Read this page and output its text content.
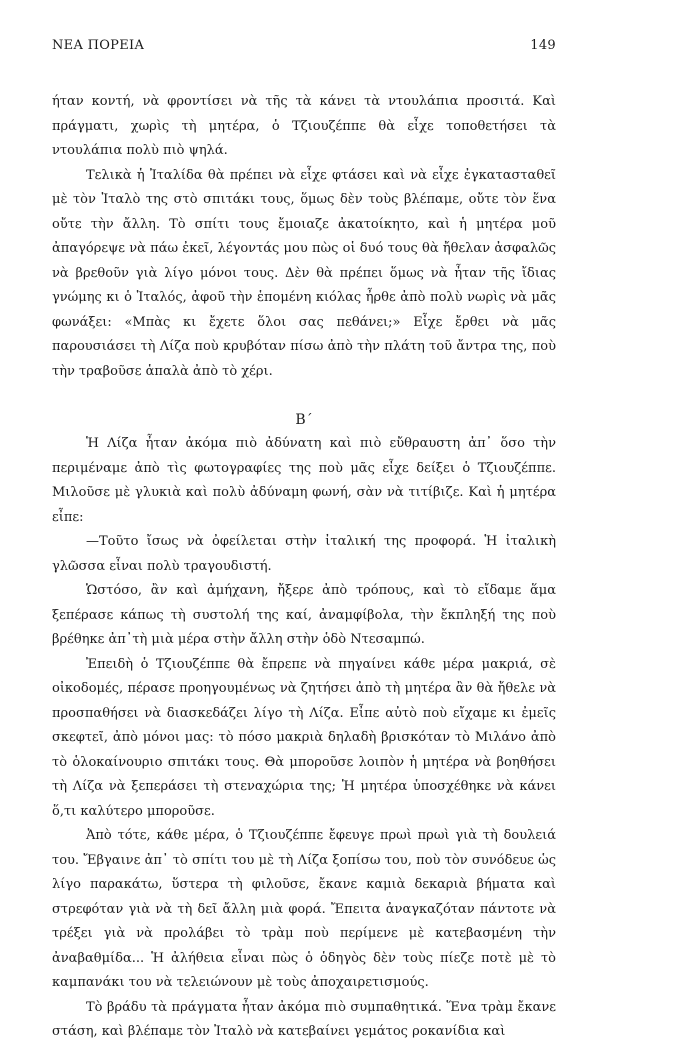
ΝΕΑ ΠΟΡΕΙΑ	149

ήταν κοντή, νὰ φροντίσει νὰ τῆς τὰ κάνει τὰ ντουλάπια προσιτά. Καὶ πράγματι, χωρὶς τὴ μητέρα, ὁ Τζιουζέππε θὰ εἶχε τοποθετήσει τὰ ντουλάπια πολὺ πιὸ ψηλά.

Τελικὰ ἡ Ἰταλίδα θὰ πρέπει νὰ εἶχε φτάσει καὶ νὰ εἶχε ἐγκατασταθεῖ μὲ τὸν Ἰταλὸ της στὸ σπιτάκι τους, ὅμως δὲν τοὺς βλέπαμε, οὔτε τὸν ἕνα οὔτε τὴν ἄλλη. Τὸ σπίτι τους ἔμοιαζε ἀκατοίκητο, καὶ ἡ μητέρα μοῦ ἀπαγόρεψε νὰ πάω ἐκεῖ, λέγοντάς μου πὼς οἱ δυό τους θὰ ἤθελαν ἀσφαλῶς νὰ βρεθοῦν γιὰ λίγο μόνοι τους. Δὲν θὰ πρέπει ὅμως νὰ ἦταν τῆς ἴδιας γνώμης κι ὁ Ἰταλός, ἀφοῦ τὴν ἑπομένη κιόλας ἦρθε ἀπὸ πολὺ νωρὶς νὰ μᾶς φωνάξει: «Μπὰς κι ἔχετε ὅλοι σας πεθάνει;» Εἶχε ἔρθει νὰ μᾶς παρουσιάσει τὴ Λίζα ποὺ κρυβόταν πίσω ἀπὸ τὴν πλάτη τοῦ ἄντρα της, ποὺ τὴν τραβοῦσε ἁπαλὰ ἀπὸ τὸ χέρι.

Β΄

Ἡ Λίζα ἦταν ἀκόμα πιὸ ἀδύνατη καὶ πιὸ εὔθραυστη ἀπ᾿ ὅσο τὴν περιμέναμε ἀπὸ τὶς φωτογραφίες της ποὺ μᾶς εἶχε δείξει ὁ Τζιουζέππε. Μιλοῦσε μὲ γλυκιὰ καὶ πολὺ ἀδύναμη φωνή, σὰν νὰ τιτίβιζε. Καὶ ἡ μητέρα εἶπε:

—Τοῦτο ἴσως νὰ ὀφείλεται στὴν ἰταλική της προφορά. Ἡ ἰταλικὴ γλῶσσα εἶναι πολὺ τραγουδιστή.

Ὡστόσο, ἂν καὶ ἀμήχανη, ἤξερε ἀπὸ τρόπους, καὶ τὸ εἴδαμε ἅμα ξεπέρασε κάπως τὴ συστολή της καί, ἀναμφίβολα, τὴν ἔκπληξή της ποὺ βρέθηκε ἀπ᾿τὴ μιὰ μέρα στὴν ἄλλη στὴν ὁδὸ Ντεσαμπώ.

Ἐπειδὴ ὁ Τζιουζέππε θὰ ἔπρεπε νὰ πηγαίνει κάθε μέρα μακριά, σὲ οἰκοδομές, πέρασε προηγουμένως νὰ ζητήσει ἀπὸ τὴ μητέρα ἂν θὰ ἤθελε νὰ προσπαθήσει νὰ διασκεδάζει λίγο τὴ Λίζα. Εἶπε αὐτὸ ποὺ εἴχαμε κι ἐμεῖς σκεφτεῖ, ἀπὸ μόνοι μας: τὸ πόσο μακριὰ δηλαδὴ βρισκόταν τὸ Μιλάνο ἀπὸ τὸ ὁλοκαίνουριο σπιτάκι τους. Θὰ μποροῦσε λοιπὸν ἡ μητέρα νὰ βοηθήσει τὴ Λίζα νὰ ξεπεράσει τὴ στεναχώρια της; Ἡ μητέρα ὑποσχέθηκε νὰ κάνει ὅ,τι καλύτερο μποροῦσε.

Ἀπὸ τότε, κάθε μέρα, ὁ Τζιουζέππε ἔφευγε πρωὶ πρωὶ γιὰ τὴ δουλειά του. Ἔβγαινε ἀπ᾿ τὸ σπίτι του μὲ τὴ Λίζα ξοπίσω του, ποὺ τὸν συνόδευε ὡς λίγο παρακάτω, ὕστερα τὴ φιλοῦσε, ἔκανε καμιὰ δεκαριὰ βήματα καὶ στρεφόταν γιὰ νὰ τὴ δεῖ ἄλλη μιὰ φορά. Ἔπειτα ἀναγκαζόταν πάντοτε νὰ τρέξει γιὰ νὰ προλάβει τὸ τρὰμ ποὺ περίμενε μὲ κατεβασμένη τὴν ἀναβαθμίδα... Ἡ ἀλήθεια εἶναι πὼς ὁ ὁδηγὸς δὲν τοὺς πίεζε ποτὲ μὲ τὸ καμπανάκι του νὰ τελειώνουν μὲ τοὺς ἀποχαιρετισμούς.

Τὸ βράδυ τὰ πράγματα ἦταν ἀκόμα πιὸ συμπαθητικά. Ἕνα τρὰμ ἔκανε στάση, καὶ βλέπαμε τὸν Ἰταλὸ νὰ κατεβαίνει γεμάτος ροκανίδια καὶ
